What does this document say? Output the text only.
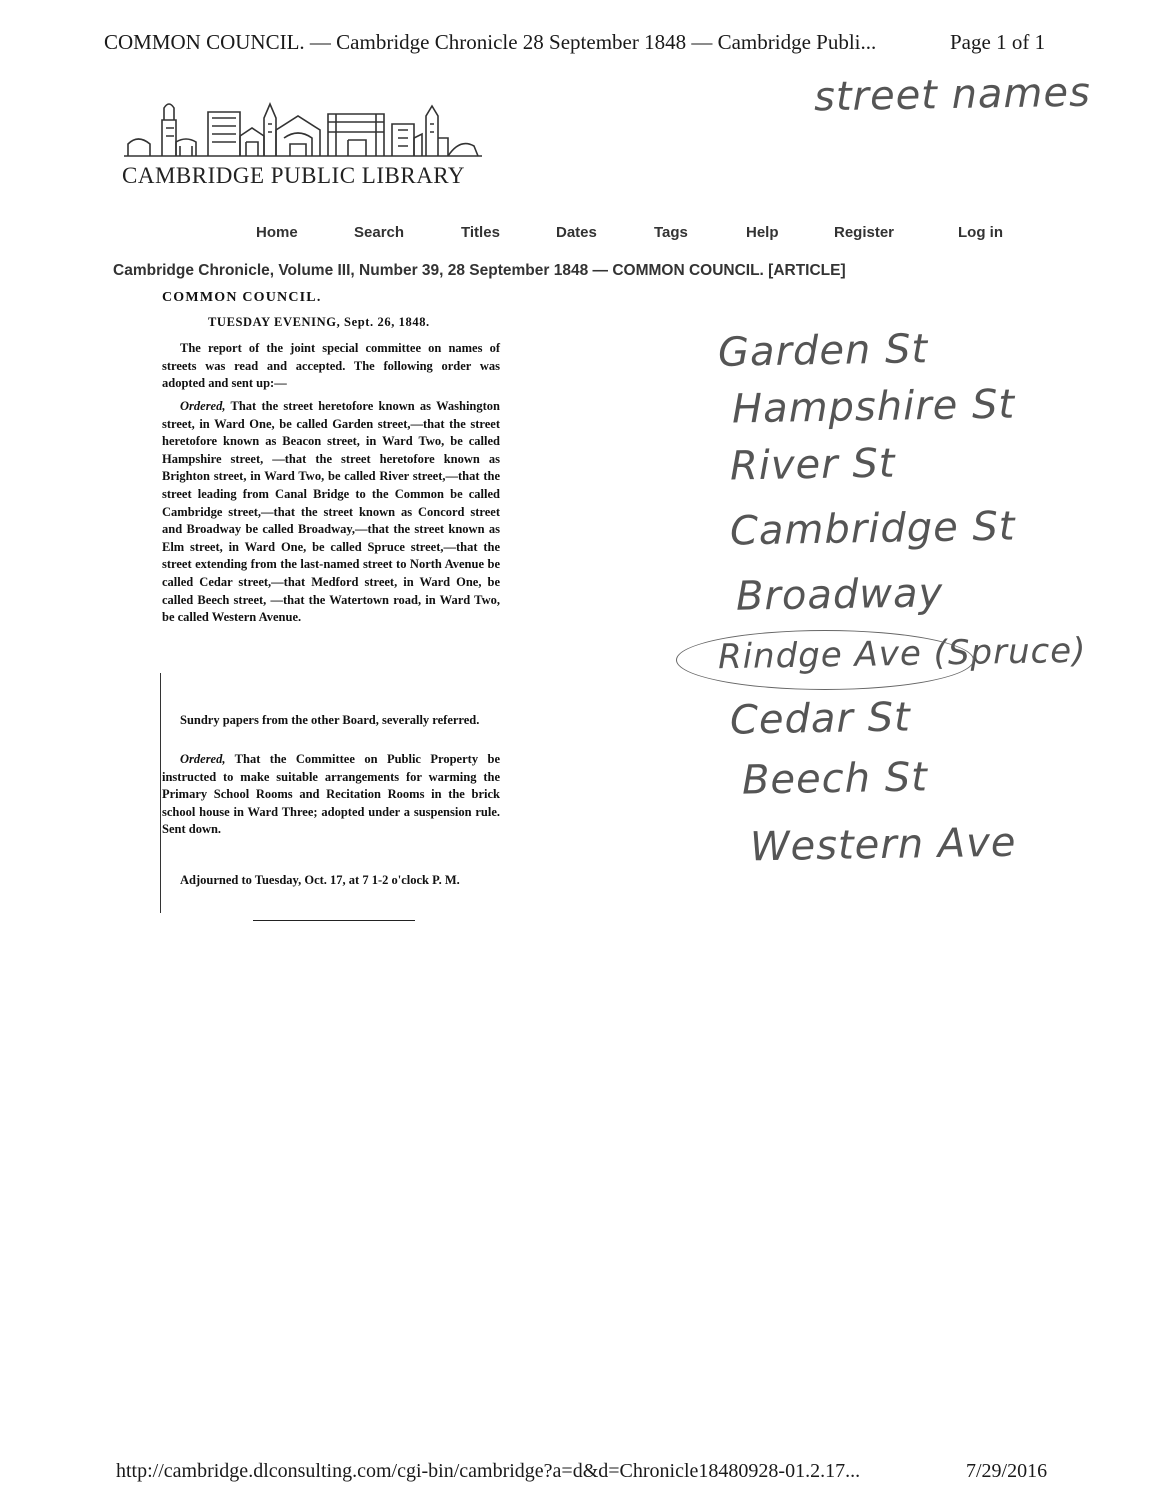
COMMON COUNCIL. — Cambridge Chronicle 28 September 1848 — Cambridge Publi...	Page 1 of 1
CAMBRIDGE PUBLIC LIBRARY
Home	Search	Titles	Dates	Tags	Help	Register	Log in
Cambridge Chronicle, Volume III, Number 39, 28 September 1848 — COMMON COUNCIL. [ARTICLE]
COMMON COUNCIL.
TUESDAY EVENING, Sept. 26, 1848.

The report of the joint special committee on names of streets was read and accepted. The following order was adopted and sent up:—

Ordered, That the street heretofore known as Washington street, in Ward One, be called Garden street,—that the street heretofore known as Beacon street, in Ward Two, be called Hampshire street, —that the street heretofore known as Brighton street, in Ward Two, be called River street,—that the street leading from Canal Bridge to the Common be called Cambridge street,—that the street known as Concord street and Broadway be called Broadway,—that the street known as Elm street, in Ward One, be called Spruce street,—that the street extending from the last-named street to North Avenue be called Cedar street,—that Medford street, in Ward One, be called Beech street, —that the Watertown road, in Ward Two, be called Western Avenue.

Sundry papers from the other Board, severally referred.

Ordered, That the Committee on Public Property be instructed to make suitable arrangements for warming the Primary School Rooms and Recitation Rooms in the brick school house in Ward Three; adopted under a suspension rule. Sent down.

Adjourned to Tuesday, Oct. 17, at 7 1-2 o'clock P. M.

street names
Garden St
Hampshire St
River St
Cambridge St
Broadway
Rindge Ave (Spruce)
Cedar St
Beech St
Western Ave
http://cambridge.dlconsulting.com/cgi-bin/cambridge?a=d&d=Chronicle18480928-01.2.17...	7/29/2016
